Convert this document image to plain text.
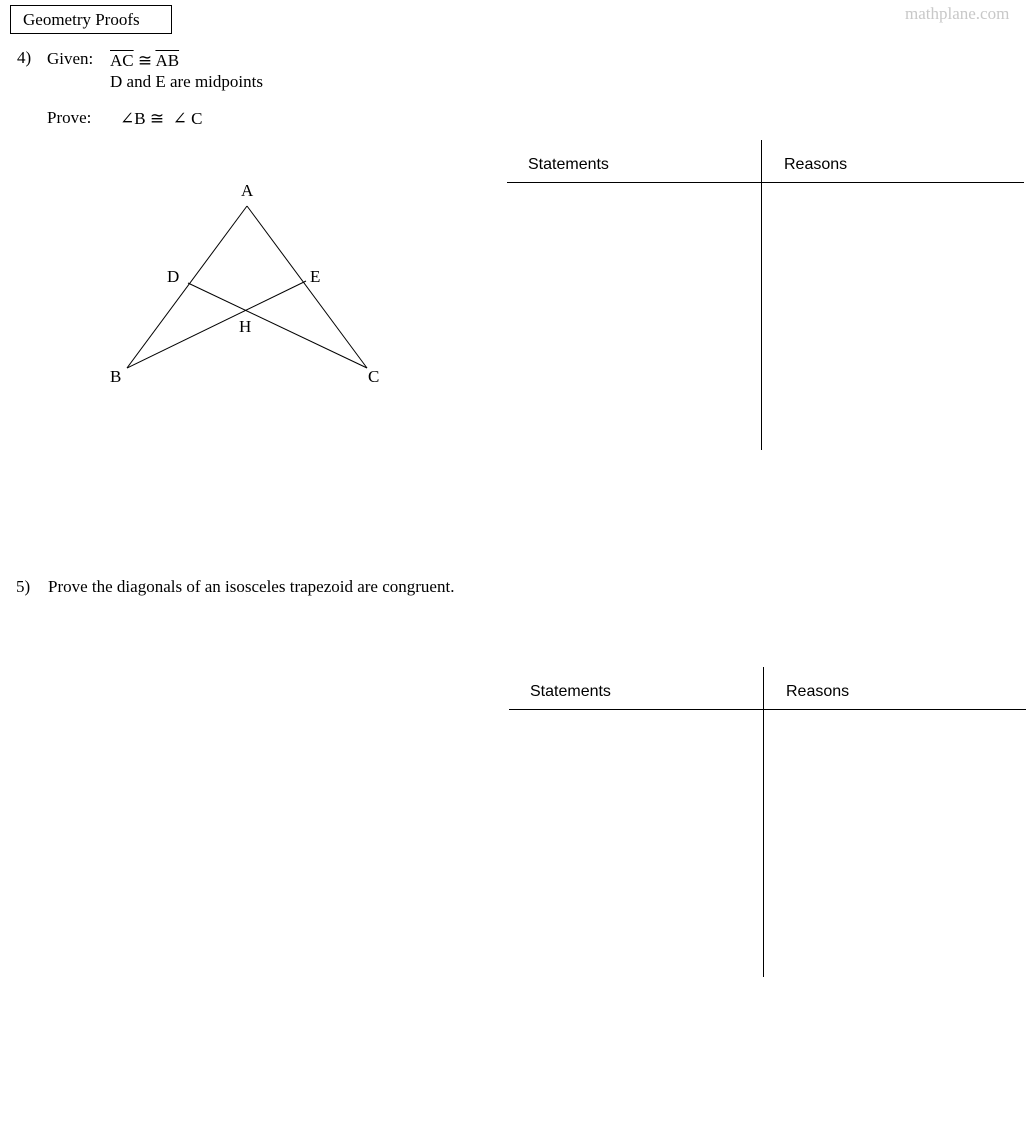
Geometry Proofs	mathplane.com
4) Given: $\overline{AC}$ ≅ $\overline{AB}$
D and E are midpoints
Prove: ∠B ≅ ∠ C
A
B	C
D	E
H
Statements	Reasons
5) Prove the diagonals of an isosceles trapezoid are congruent.
Statements	Reasons
